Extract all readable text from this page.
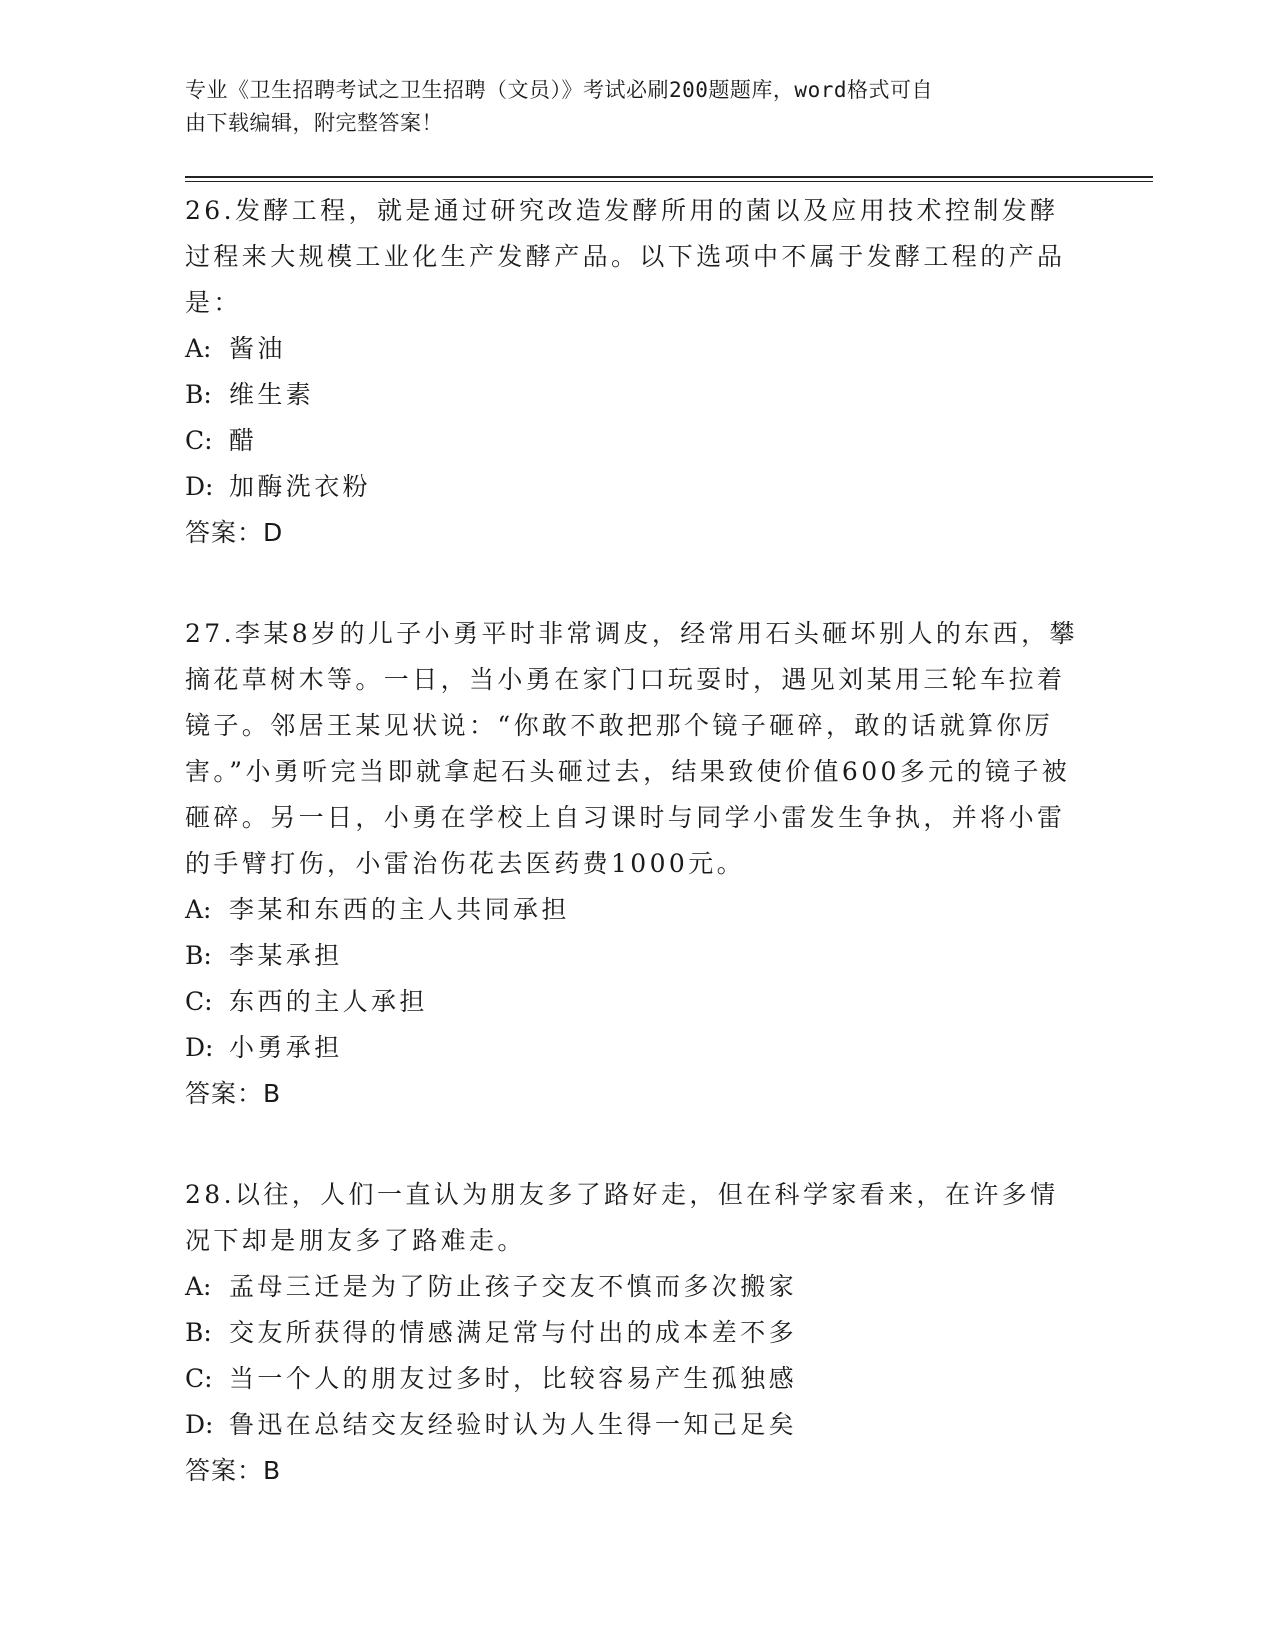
专业《卫生招聘考试之卫生招聘（文员）》考试必刷200题题库，word格式可自
由下载编辑，附完整答案！

26.发酵工程，就是通过研究改造发酵所用的菌以及应用技术控制发酵过程来大规模工业化生产发酵产品。以下选项中不属于发酵工程的产品是：

A: 酱油

B: 维生素

C: 醋

D: 加酶洗衣粉

答案：D

27.李某8岁的儿子小勇平时非常调皮，经常用石头砸坏别人的东西，攀摘花草树木等。一日，当小勇在家门口玩耍时，遇见刘某用三轮车拉着镜子。邻居王某见状说：“你敢不敢把那个镜子砸碎，敢的话就算你厉害。”小勇听完当即就拿起石头砸过去，结果致使价值600多元的镜子被砸碎。另一日，小勇在学校上自习课时与同学小雷发生争执，并将小雷的手臂打伤，小雷治伤花去医药费1000元。

A: 李某和东西的主人共同承担

B: 李某承担

C: 东西的主人承担

D: 小勇承担

答案：B

28.以往，人们一直认为朋友多了路好走，但在科学家看来，在许多情况下却是朋友多了路难走。

A: 孟母三迁是为了防止孩子交友不慎而多次搬家

B: 交友所获得的情感满足常与付出的成本差不多

C: 当一个人的朋友过多时，比较容易产生孤独感

D: 鲁迅在总结交友经验时认为人生得一知己足矣

答案：B
